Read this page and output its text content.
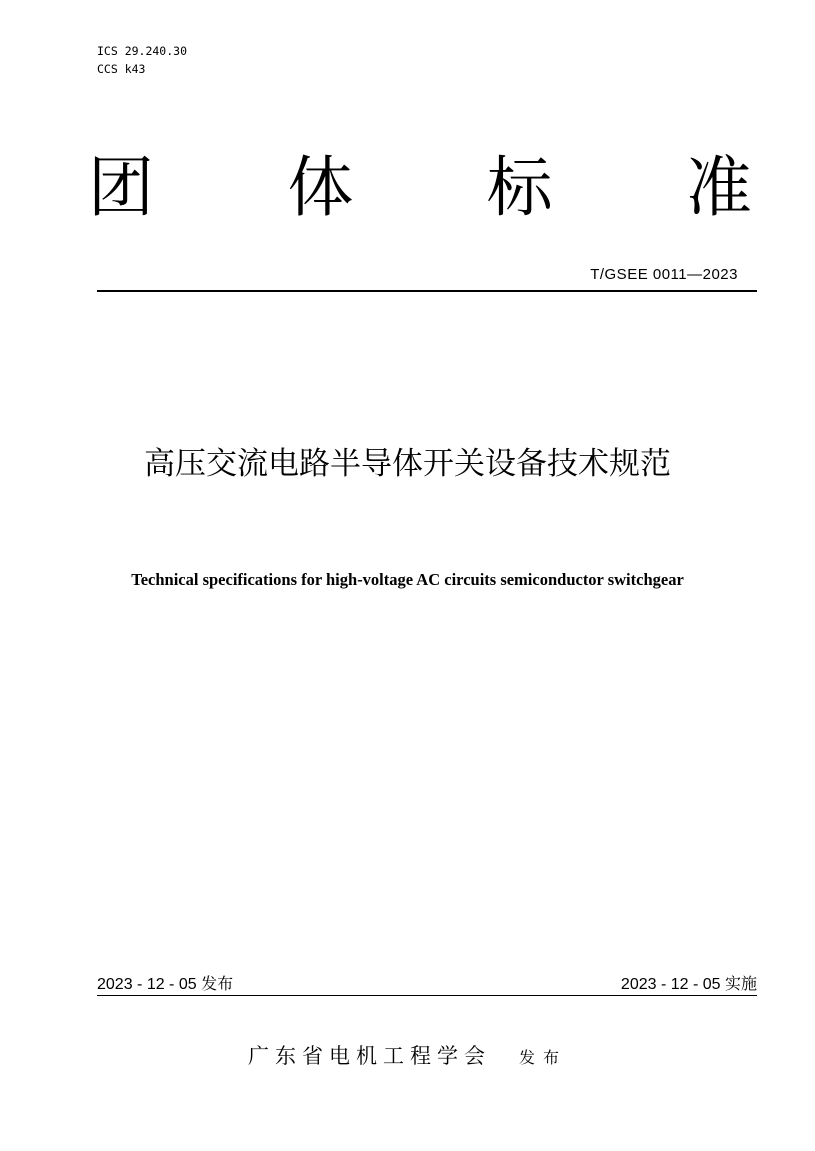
ICS 29.240.30
CCS k43
团 体 标 准
T/GSEE 0011—2023
高压交流电路半导体开关设备技术规范
Technical specifications for high-voltage AC circuits semiconductor switchgear
2023 - 12 - 05 发布	2023 - 12 - 05 实施
广东省电机工程学会 发布
